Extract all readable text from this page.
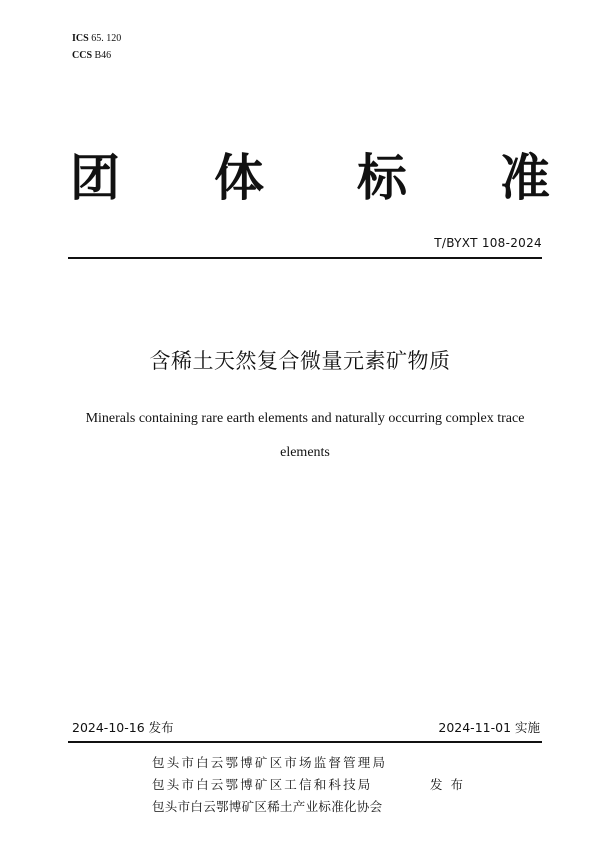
ICS 65. 120
CCS B46
团 体 标 准
T/BYXT 108-2024
含稀土天然复合微量元素矿物质
Minerals containing rare earth elements and naturally occurring complex trace elements
2024-10-16 发布	2024-11-01 实施
包头市白云鄂博矿区市场监督管理局
包头市白云鄂博矿区工信和科技局
包头市白云鄂博矿区稀土产业标准化协会
发 布
